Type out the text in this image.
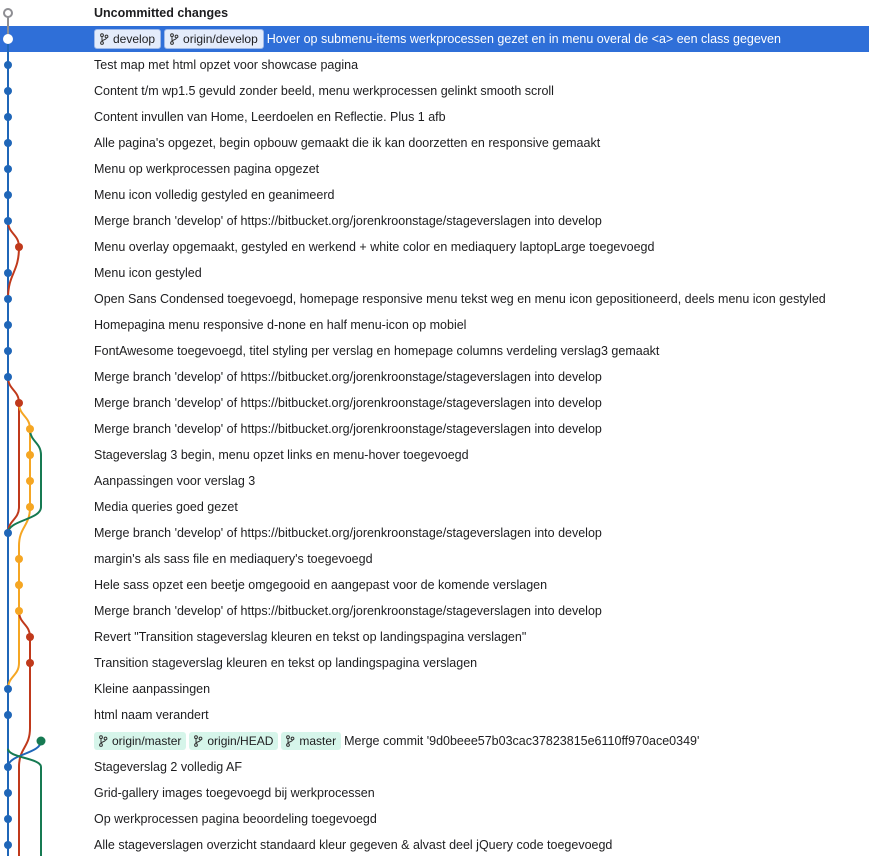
Uncommitted changes
develop origin/develop Hover op submenu-items werkprocessen gezet en in menu overal de <a> een class gegeven
Test map met html opzet voor showcase pagina
Content t/m wp1.5 gevuld zonder beeld, menu werkprocessen gelinkt smooth scroll
Content invullen van Home, Leerdoelen en Reflectie. Plus 1 afb
Alle pagina's opgezet, begin opbouw gemaakt die ik kan doorzetten en responsive gemaakt
Menu op werkprocessen pagina opgezet
Menu icon volledig gestyled en geanimeerd
Merge branch 'develop' of https://bitbucket.org/jorenkroonstage/stageverslagen into develop
Menu overlay opgemaakt, gestyled en werkend + white color en mediaquery laptopLarge toegevoegd
Menu icon gestyled
Open Sans Condensed toegevoegd, homepage responsive menu tekst weg en menu icon gepositioneerd, deels menu icon gestyled
Homepagina menu responsive d-none en half menu-icon op mobiel
FontAwesome toegevoegd, titel styling per verslag en homepage columns verdeling verslag3 gemaakt
Merge branch 'develop' of https://bitbucket.org/jorenkroonstage/stageverslagen into develop
Merge branch 'develop' of https://bitbucket.org/jorenkroonstage/stageverslagen into develop
Merge branch 'develop' of https://bitbucket.org/jorenkroonstage/stageverslagen into develop
Stageverslag 3 begin, menu opzet links en menu-hover toegevoegd
Aanpassingen voor verslag 3
Media queries goed gezet
Merge branch 'develop' of https://bitbucket.org/jorenkroonstage/stageverslagen into develop
margin's als sass file en mediaquery's toegevoegd
Hele sass opzet een beetje omgegooid en aangepast voor de komende verslagen
Merge branch 'develop' of https://bitbucket.org/jorenkroonstage/stageverslagen into develop
Revert "Transition stageverslag kleuren en tekst op landingspagina verslagen"
Transition stageverslag kleuren en tekst op landingspagina verslagen
Kleine aanpassingen
html naam verandert
origin/master origin/HEAD master Merge commit '9d0beee57b03cac37823815e6110ff970ace0349'
Stageverslag 2 volledig AF
Grid-gallery images toegevoegd bij werkprocessen
Op werkprocessen pagina beoordeling toegevoegd
Alle stageverslagen overzicht standaard kleur gegeven & alvast deel jQuery code toegevoegd
